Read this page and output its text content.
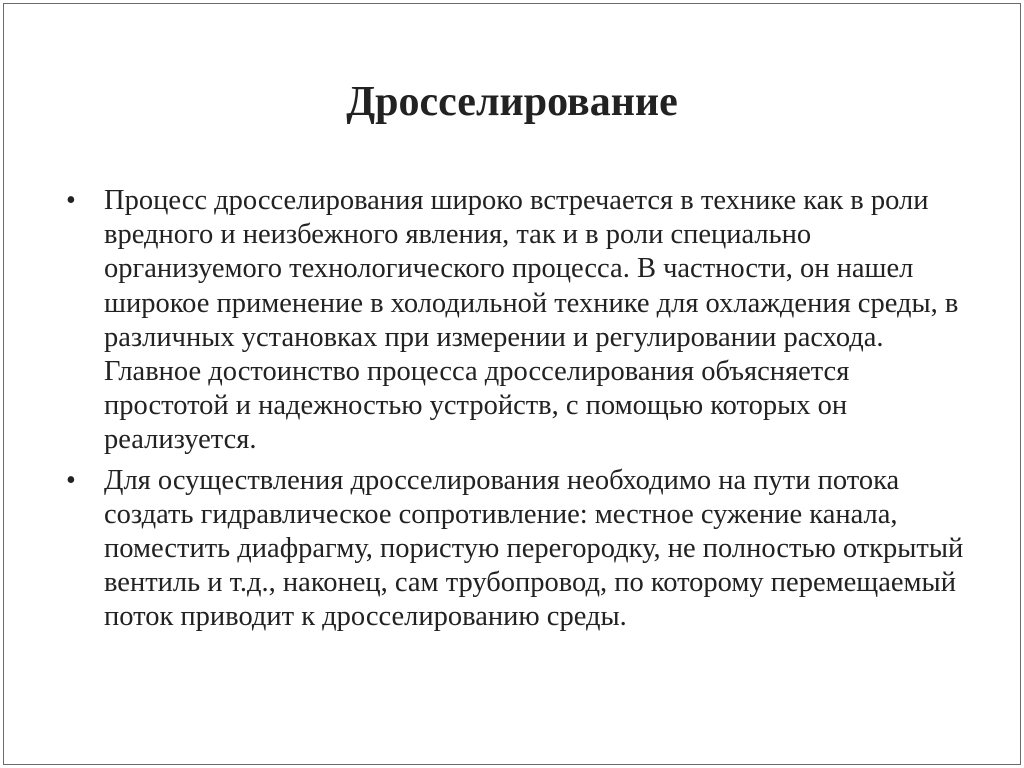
Дросселирование
• Процесс дросселирования широко встречается в технике как в роли вредного и неизбежного явления, так и в роли специально организуемого технологического процесса. В частности, он нашел широкое применение в холодильной технике для охлаждения среды, в различных установках при измерении и регулировании расхода. Главное достоинство процесса дросселирования объясняется простотой и надежностью устройств, с помощью которых он реализуется.
• Для осуществления дросселирования необходимо на пути потока создать гидравлическое сопротивление: местное сужение канала, поместить диафрагму, пористую перегородку, не полностью открытый вентиль и т.д., наконец, сам трубопровод, по которому перемещаемый поток приводит к дросселированию среды.
